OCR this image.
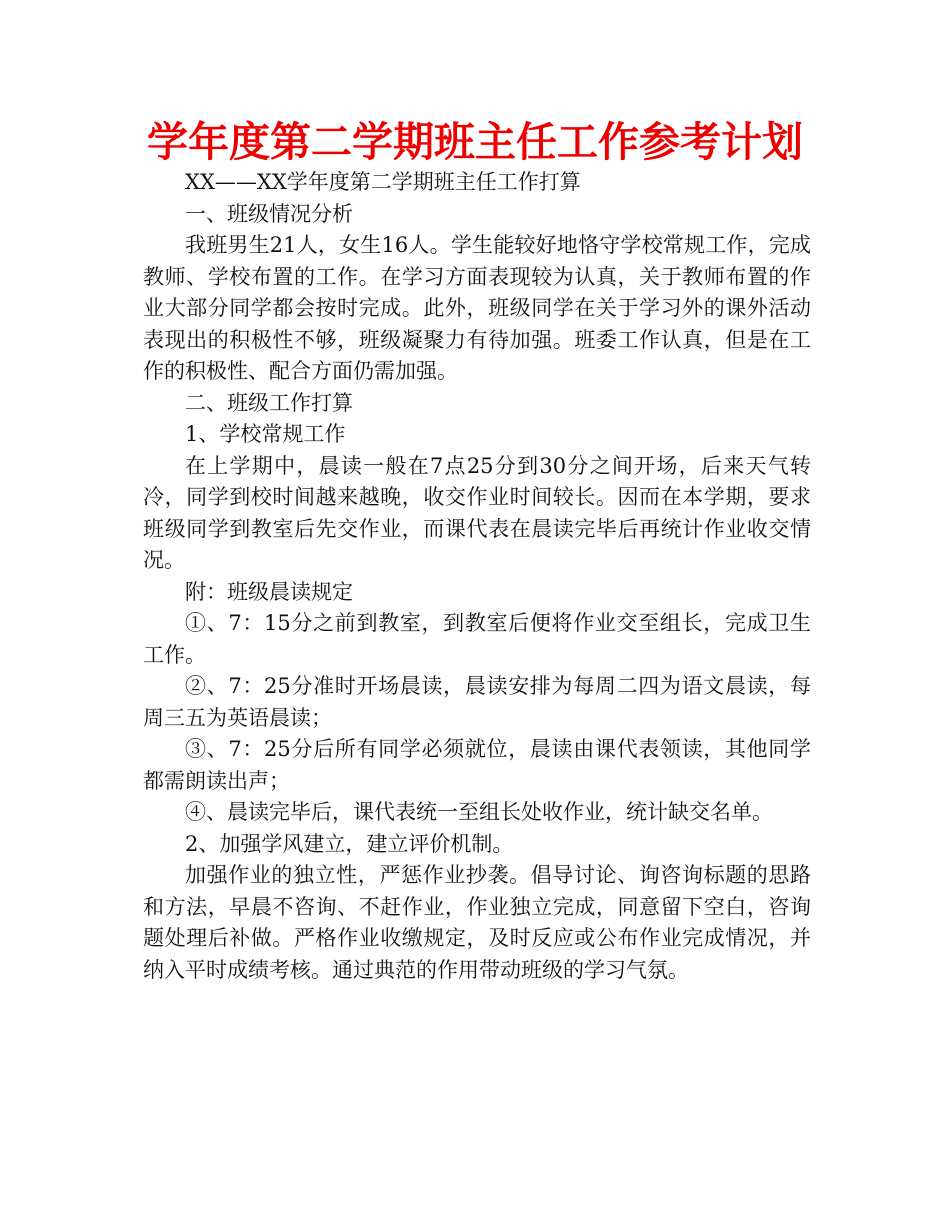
学年度第二学期班主任工作参考计划

XX——XX学年度第二学期班主任工作打算

一、班级情况分析

我班男生21人，女生16人。学生能较好地恪守学校常规工作，完成教师、学校布置的工作。在学习方面表现较为认真，关于教师布置的作业大部分同学都会按时完成。此外，班级同学在关于学习外的课外活动表现出的积极性不够，班级凝聚力有待加强。班委工作认真，但是在工作的积极性、配合方面仍需加强。

二、班级工作打算

1、学校常规工作

在上学期中，晨读一般在7点25分到30分之间开场，后来天气转冷，同学到校时间越来越晚，收交作业时间较长。因而在本学期，要求班级同学到教室后先交作业，而课代表在晨读完毕后再统计作业收交情况。

附：班级晨读规定

①、7：15分之前到教室，到教室后便将作业交至组长，完成卫生工作。

②、7：25分准时开场晨读，晨读安排为每周二四为语文晨读，每周三五为英语晨读；

③、7：25分后所有同学必须就位，晨读由课代表领读，其他同学都需朗读出声；

④、晨读完毕后，课代表统一至组长处收作业，统计缺交名单。

2、加强学风建立，建立评价机制。

加强作业的独立性，严惩作业抄袭。倡导讨论、询咨询标题的思路和方法，早晨不咨询、不赶作业，作业独立完成，同意留下空白，咨询题处理后补做。严格作业收缴规定，及时反应或公布作业完成情况，并纳入平时成绩考核。通过典范的作用带动班级的学习气氛。
